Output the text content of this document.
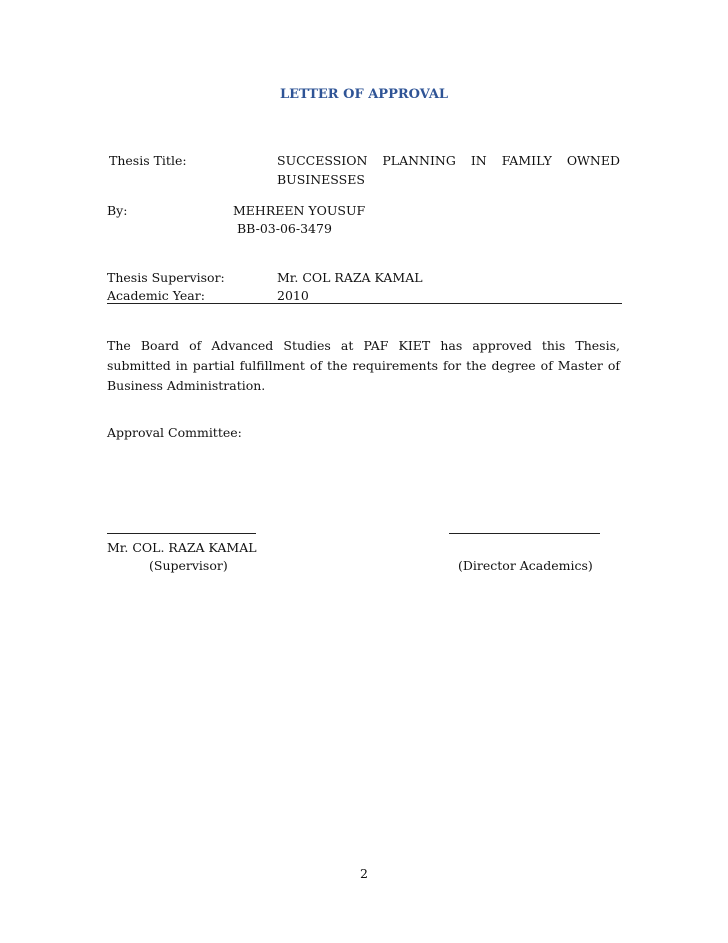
LETTER OF APPROVAL
Thesis Title:	SUCCESSION PLANNING IN FAMILY OWNED
BUSINESSES
By:	MEHREEN YOUSUF
BB-03-06-3479
Thesis Supervisor:	Mr. COL RAZA KAMAL
Academic Year:	2010
The Board of Advanced Studies at PAF KIET has approved this Thesis, submitted in partial fulfillment of the requirements for the degree of Master of Business Administration.
Approval Committee:
Mr. COL. RAZA KAMAL
(Supervisor)	(Director Academics)
2
